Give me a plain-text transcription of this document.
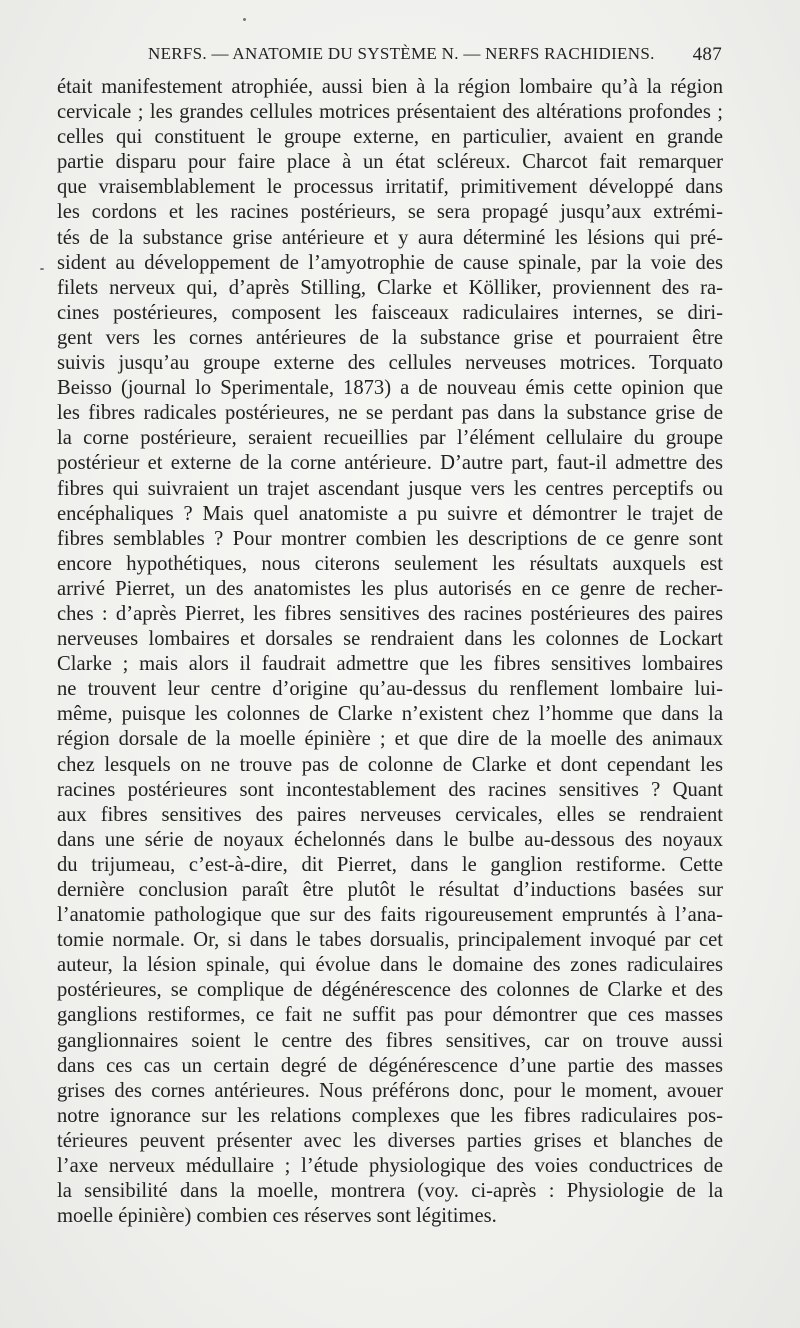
NERFS. — ANATOMIE DU SYSTÈME N. — NERFS RACHIDIENS. 487
était manifestement atrophiée, aussi bien à la région lombaire qu’à la région
cervicale ; les grandes cellules motrices présentaient des altérations profondes ;
celles qui constituent le groupe externe, en particulier, avaient en grande
partie disparu pour faire place à un état scléreux. Charcot fait remarquer
que vraisemblablement le processus irritatif, primitivement développé dans
les cordons et les racines postérieurs, se sera propagé jusqu’aux extrémi-
tés de la substance grise antérieure et y aura déterminé les lésions qui pré-
sident au développement de l’amyotrophie de cause spinale, par la voie des
filets nerveux qui, d’après Stilling, Clarke et Kölliker, proviennent des ra-
cines postérieures, composent les faisceaux radiculaires internes, se diri-
gent vers les cornes antérieures de la substance grise et pourraient être
suivis jusqu’au groupe externe des cellules nerveuses motrices. Torquato
Beisso (journal lo Sperimentale, 1873) a de nouveau émis cette opinion que
les fibres radicales postérieures, ne se perdant pas dans la substance grise de
la corne postérieure, seraient recueillies par l’élément cellulaire du groupe
postérieur et externe de la corne antérieure. D’autre part, faut-il admettre des
fibres qui suivraient un trajet ascendant jusque vers les centres perceptifs ou
encéphaliques ? Mais quel anatomiste a pu suivre et démontrer le trajet de
fibres semblables ? Pour montrer combien les descriptions de ce genre sont
encore hypothétiques, nous citerons seulement les résultats auxquels est
arrivé Pierret, un des anatomistes les plus autorisés en ce genre de recher-
ches : d’après Pierret, les fibres sensitives des racines postérieures des paires
nerveuses lombaires et dorsales se rendraient dans les colonnes de Lockart
Clarke ; mais alors il faudrait admettre que les fibres sensitives lombaires
ne trouvent leur centre d’origine qu’au-dessus du renflement lombaire lui-
même, puisque les colonnes de Clarke n’existent chez l’homme que dans la
région dorsale de la moelle épinière ; et que dire de la moelle des animaux
chez lesquels on ne trouve pas de colonne de Clarke et dont cependant les
racines postérieures sont incontestablement des racines sensitives ? Quant
aux fibres sensitives des paires nerveuses cervicales, elles se rendraient
dans une série de noyaux échelonnés dans le bulbe au-dessous des noyaux
du trijumeau, c’est-à-dire, dit Pierret, dans le ganglion restiforme. Cette
dernière conclusion paraît être plutôt le résultat d’inductions basées sur
l’anatomie pathologique que sur des faits rigoureusement empruntés à l’ana-
tomie normale. Or, si dans le tabes dorsualis, principalement invoqué par cet
auteur, la lésion spinale, qui évolue dans le domaine des zones radiculaires
postérieures, se complique de dégénérescence des colonnes de Clarke et des
ganglions restiformes, ce fait ne suffit pas pour démontrer que ces masses
ganglionnaires soient le centre des fibres sensitives, car on trouve aussi
dans ces cas un certain degré de dégénérescence d’une partie des masses
grises des cornes antérieures. Nous préférons donc, pour le moment, avouer
notre ignorance sur les relations complexes que les fibres radiculaires pos-
térieures peuvent présenter avec les diverses parties grises et blanches de
l’axe nerveux médullaire ; l’étude physiologique des voies conductrices de
la sensibilité dans la moelle, montrera (voy. ci-après : Physiologie de la
moelle épinière) combien ces réserves sont légitimes.
